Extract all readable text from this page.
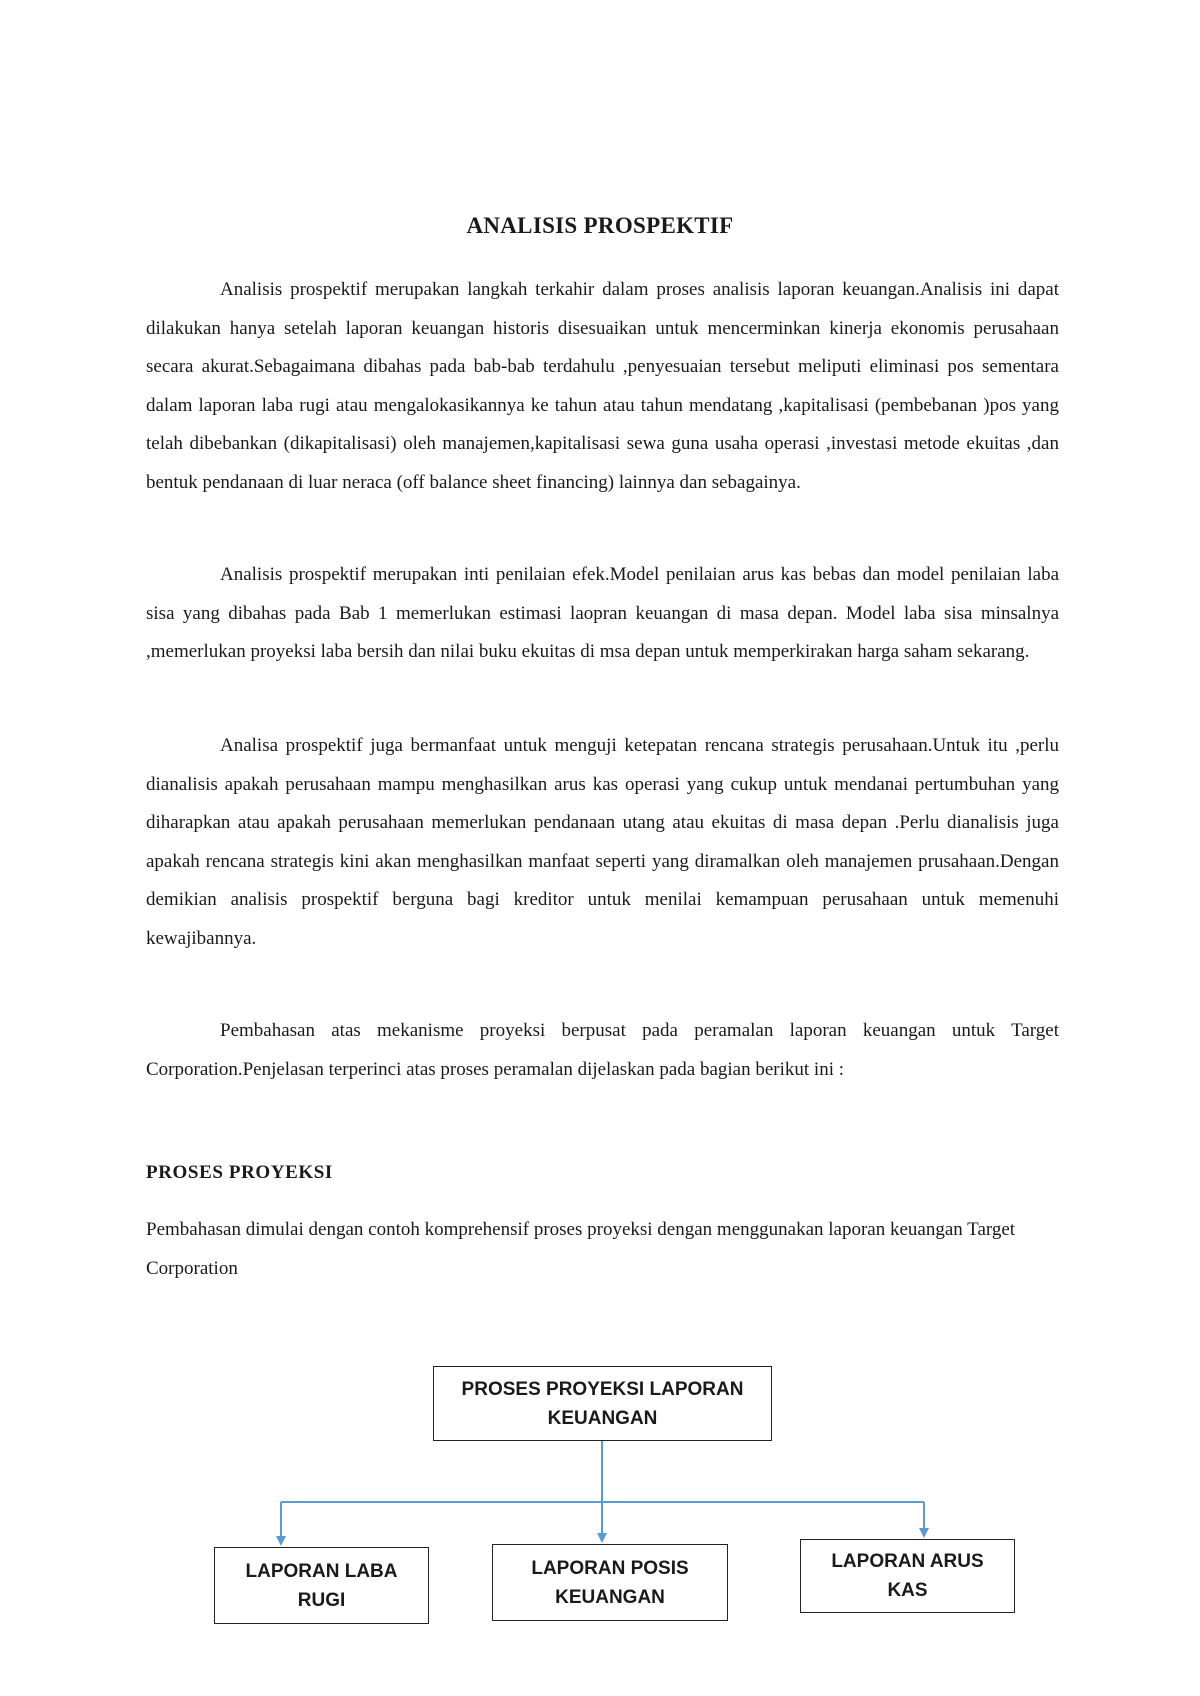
ANALISIS PROSPEKTIF

Analisis prospektif merupakan langkah terkahir dalam proses analisis laporan keuangan.Analisis ini dapat dilakukan hanya setelah laporan keuangan historis disesuaikan untuk mencerminkan kinerja ekonomis perusahaan secara akurat.Sebagaimana dibahas pada bab-bab terdahulu ,penyesuaian tersebut meliputi eliminasi pos sementara dalam laporan laba rugi atau mengalokasikannya ke tahun atau tahun mendatang ,kapitalisasi (pembebanan )pos yang telah dibebankan (dikapitalisasi) oleh manajemen,kapitalisasi sewa guna usaha operasi ,investasi metode ekuitas ,dan bentuk pendanaan di luar neraca (off balance sheet financing) lainnya dan sebagainya.

Analisis prospektif merupakan inti penilaian efek.Model penilaian arus kas bebas dan model penilaian laba sisa yang dibahas pada Bab 1 memerlukan estimasi laopran keuangan di masa depan. Model laba sisa minsalnya ,memerlukan proyeksi laba bersih dan nilai buku ekuitas di msa depan untuk memperkirakan harga saham sekarang.

Analisa prospektif juga bermanfaat untuk menguji ketepatan rencana strategis perusahaan.Untuk itu ,perlu dianalisis apakah perusahaan mampu menghasilkan arus kas operasi yang cukup untuk mendanai pertumbuhan yang diharapkan atau apakah perusahaan memerlukan pendanaan utang atau ekuitas di masa depan .Perlu dianalisis juga apakah rencana strategis kini akan menghasilkan manfaat seperti yang diramalkan oleh manajemen prusahaan.Dengan demikian analisis prospektif berguna bagi kreditor untuk menilai kemampuan perusahaan untuk memenuhi kewajibannya.

Pembahasan atas mekanisme proyeksi berpusat pada peramalan laporan keuangan untuk Target Corporation.Penjelasan terperinci atas proses peramalan dijelaskan pada bagian berikut ini :

PROSES PROYEKSI

Pembahasan dimulai dengan contoh komprehensif proses proyeksi dengan menggunakan laporan keuangan Target Corporation

PROSES PROYEKSI LAPORAN KEUANGAN
LAPORAN LABA RUGI
LAPORAN POSIS KEUANGAN
LAPORAN ARUS KAS
